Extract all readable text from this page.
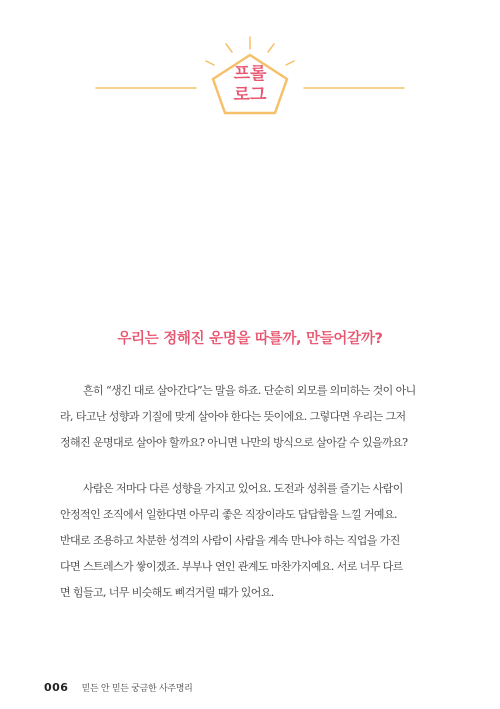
프롤
로그
우리는 정해진 운명을 따를까, 만들어갈까?

흔히 “생긴 대로 살아간다”는 말을 하죠. 단순히 외모를 의미하는 것이 아니
라, 타고난 성향과 기질에 맞게 살아야 한다는 뜻이에요. 그렇다면 우리는 그저
정해진 운명대로 살아야 할까요? 아니면 나만의 방식으로 살아갈 수 있을까요?

사람은 저마다 다른 성향을 가지고 있어요. 도전과 성취를 즐기는 사람이
안정적인 조직에서 일한다면 아무리 좋은 직장이라도 답답함을 느낄 거예요.
반대로 조용하고 차분한 성격의 사람이 사람을 계속 만나야 하는 직업을 가진
다면 스트레스가 쌓이겠죠. 부부나 연인 관계도 마찬가지예요. 서로 너무 다르
면 힘들고, 너무 비슷해도 삐걱거릴 때가 있어요.

006 믿든 안 믿든 궁금한 사주명리
